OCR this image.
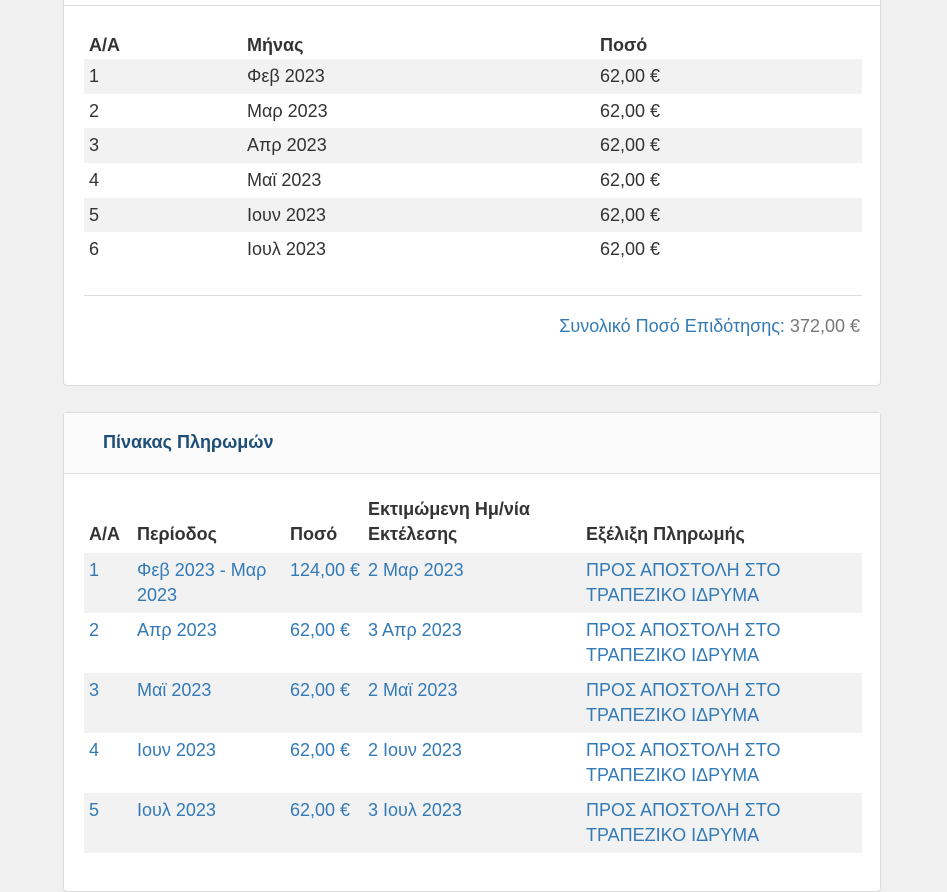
Α/Α	Μήνας	Ποσό
1	Φεβ 2023	62,00 €
2	Μαρ 2023	62,00 €
3	Απρ 2023	62,00 €
4	Μαϊ 2023	62,00 €
5	Ιουν 2023	62,00 €
6	Ιουλ 2023	62,00 €
Συνολικό Ποσό Επιδότησης: 372,00 €
Πίνακας Πληρωμών
Α/Α	Περίοδος	Ποσό	Εκτιμώμενη Ημ/νία Εκτέλεσης	Εξέλιξη Πληρωμής
1	Φεβ 2023 - Μαρ 2023	124,00 €	2 Μαρ 2023	ΠΡΟΣ ΑΠΟΣΤΟΛΗ ΣΤΟ ΤΡΑΠΕΖΙΚΟ ΙΔΡΥΜΑ
2	Απρ 2023	62,00 €	3 Απρ 2023	ΠΡΟΣ ΑΠΟΣΤΟΛΗ ΣΤΟ ΤΡΑΠΕΖΙΚΟ ΙΔΡΥΜΑ
3	Μαϊ 2023	62,00 €	2 Μαϊ 2023	ΠΡΟΣ ΑΠΟΣΤΟΛΗ ΣΤΟ ΤΡΑΠΕΖΙΚΟ ΙΔΡΥΜΑ
4	Ιουν 2023	62,00 €	2 Ιουν 2023	ΠΡΟΣ ΑΠΟΣΤΟΛΗ ΣΤΟ ΤΡΑΠΕΖΙΚΟ ΙΔΡΥΜΑ
5	Ιουλ 2023	62,00 €	3 Ιουλ 2023	ΠΡΟΣ ΑΠΟΣΤΟΛΗ ΣΤΟ ΤΡΑΠΕΖΙΚΟ ΙΔΡΥΜΑ
